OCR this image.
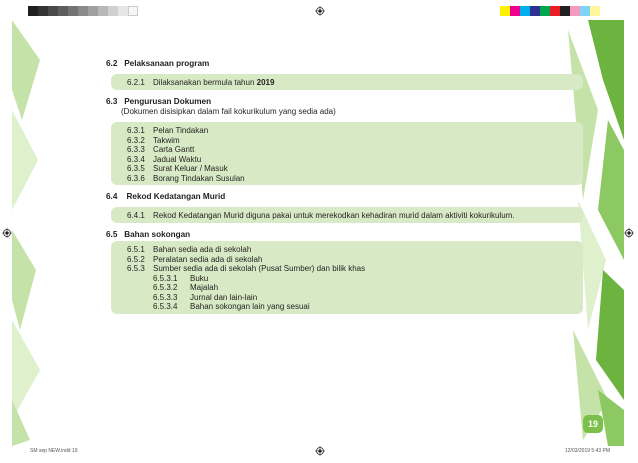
6.2 Pelaksanaan program
6.2.1 Dilaksanakan bermula tahun 2019
6.3 Pengurusan Dokumen
(Dokumen disisipkan dalam fail kokurikulum yang sedia ada)
6.3.1 Pelan Tindakan
6.3.2 Takwim
6.3.3 Carta Gantt
6.3.4 Jadual Waktu
6.3.5 Surat Keluar / Masuk
6.3.6 Borang Tindakan Susulan
6.4 Rekod Kedatangan Murid
6.4.1 Rekod Kedatangan Murid diguna pakai untuk merekodkan kehadiran murid dalam aktiviti kokurikulum.
6.5 Bahan sokongan
6.5.1 Bahan sedia ada di sekolah
6.5.2 Peralatan sedia ada di sekolah
6.5.3 Sumber sedia ada di sekolah (Pusat Sumber) dan bilik khas
6.5.3.1 Buku
6.5.3.2 Majalah
6.5.3.3 Jurnal dan lain-lain
6.5.3.4 Bahan sokongan lain yang sesuai
19
SM sep NEW.indd 19	12/03/2019 5:43 PM
